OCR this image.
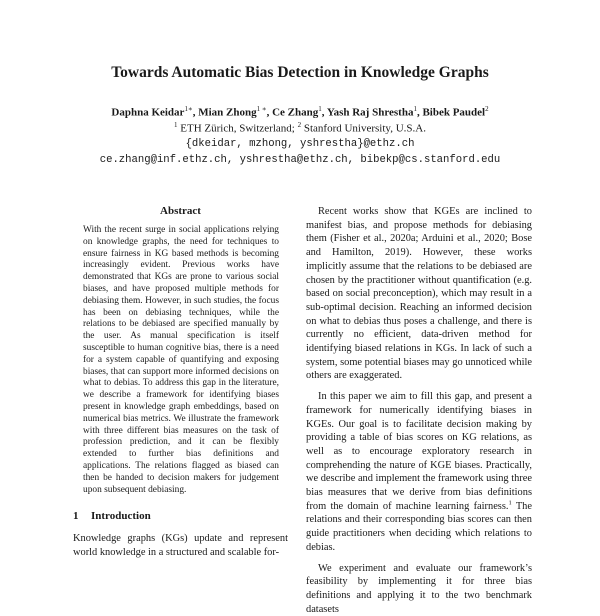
Towards Automatic Bias Detection in Knowledge Graphs
Daphna Keidar$^{1∗}$, Mian Zhong$^{1 ∗}$, Ce Zhang$^1$, Yash Raj Shrestha$^1$, Bibek Paudel$^2$
$^1$ ETH Zürich, Switzerland; $^2$ Stanford University, U.S.A.
{dkeidar, mzhong, yshrestha}@ethz.ch
ce.zhang@inf.ethz.ch, yshrestha@ethz.ch, bibekp@cs.stanford.edu
Abstract

With the recent surge in social applications relying on knowledge graphs, the need for techniques to ensure fairness in KG based methods is becoming increasingly evident. Previous works have demonstrated that KGs are prone to various social biases, and have proposed multiple methods for debiasing them. However, in such studies, the focus has been on debiasing techniques, while the relations to be debiased are specified manually by the user. As manual specification is itself susceptible to human cognitive bias, there is a need for a system capable of quantifying and exposing biases, that can support more informed decisions on what to debias. To address this gap in the literature, we describe a framework for identifying biases present in knowledge graph embeddings, based on numerical bias metrics. We illustrate the framework with three different bias measures on the task of profession prediction, and it can be flexibly extended to further bias definitions and applications. The relations flagged as biased can then be handed to decision makers for judgement upon subsequent debiasing.

1 Introduction

Knowledge graphs (KGs) update and represent world knowledge in a structured and scalable for-

Recent works show that KGEs are inclined to manifest bias, and propose methods for debiasing them (Fisher et al., 2020a; Arduini et al., 2020; Bose and Hamilton, 2019). However, these works implicitly assume that the relations to be debiased are chosen by the practitioner without quantification (e.g. based on social preconception), which may result in a sub-optimal decision. Reaching an informed decision on what to debias thus poses a challenge, and there is currently no efficient, data-driven method for identifying biased relations in KGs. In lack of such a system, some potential biases may go unnoticed while others are exaggerated.

In this paper we aim to fill this gap, and present a framework for numerically identifying biases in KGEs. Our goal is to facilitate decision making by providing a table of bias scores on KG relations, as well as to encourage exploratory research in comprehending the nature of KGE biases. Practically, we describe and implement the framework using three bias measures that we derive from bias definitions from the domain of machine learning fairness.$^1$ The relations and their corresponding bias scores can then guide practitioners when deciding which relations to debias.

We experiment and evaluate our framework’s feasibility by implementing it for three bias definitions and applying it to the two benchmark datasets
